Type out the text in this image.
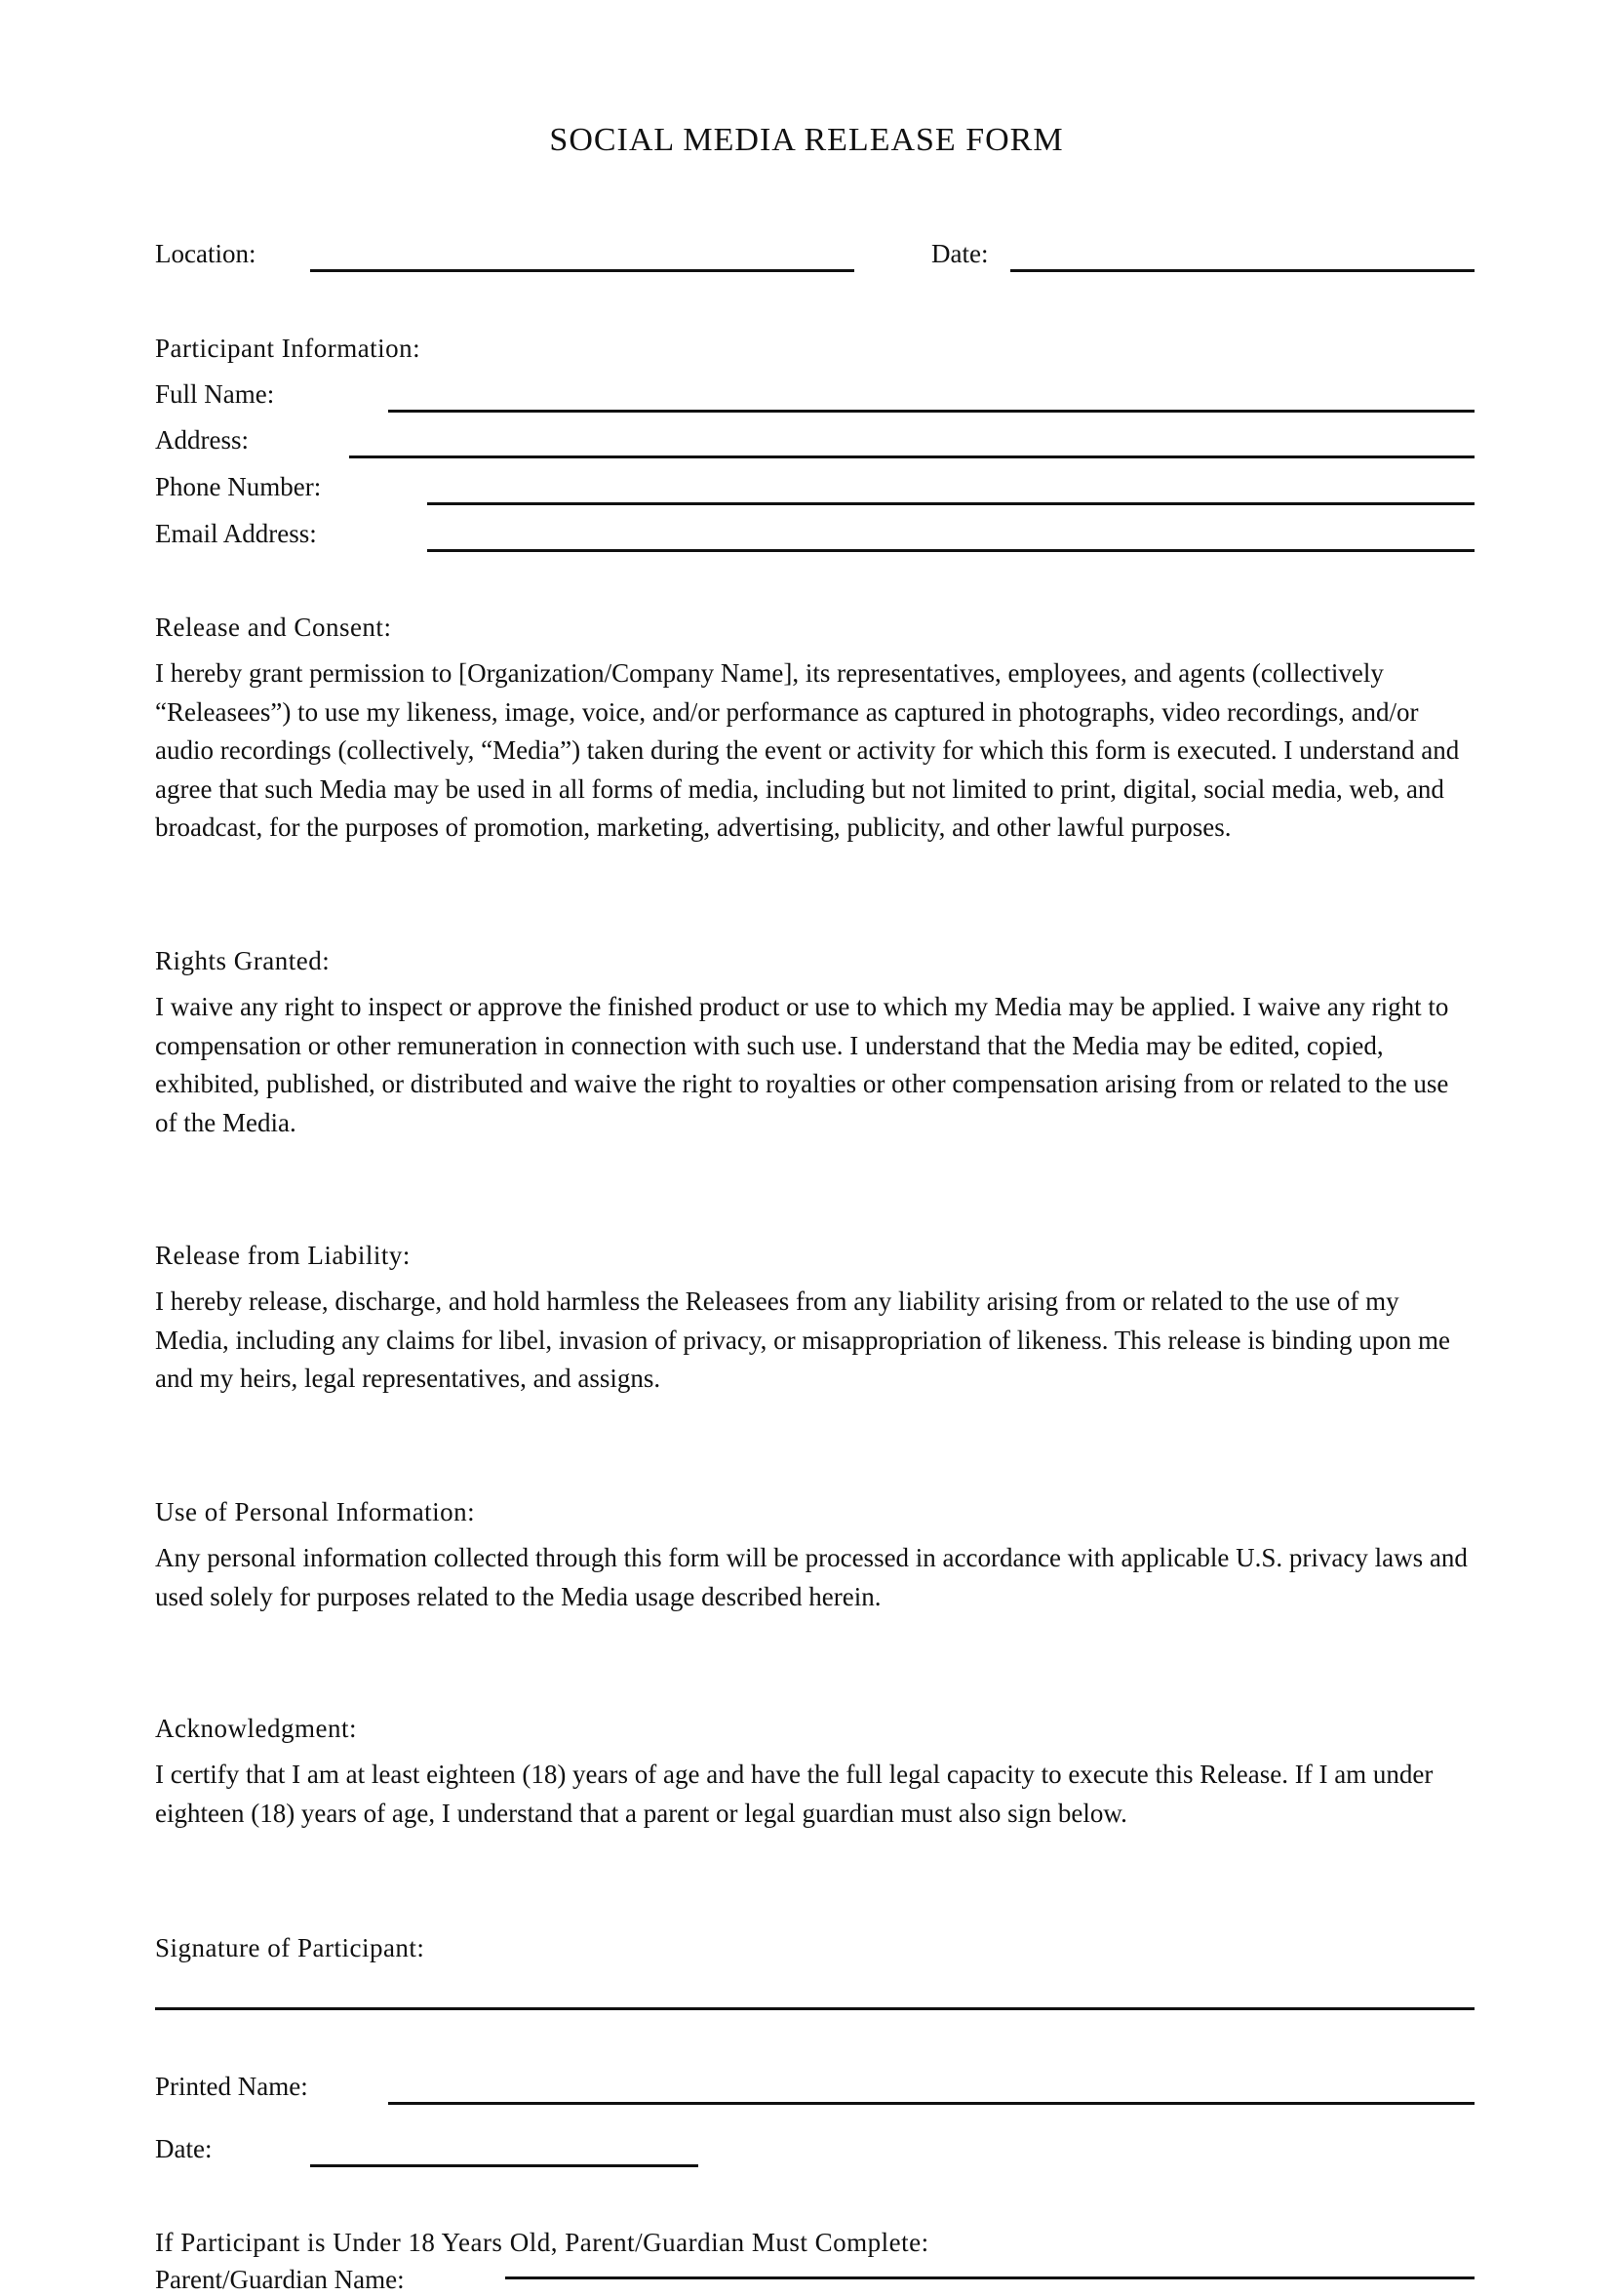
SOCIAL MEDIA RELEASE FORM
Location:	Date:
Participant Information:
Full Name:
Address:
Phone Number:
Email Address:
Release and Consent:
I hereby grant permission to [Organization/Company Name], its representatives, employees, and agents (collectively “Releasees”) to use my likeness, image, voice, and/or performance as captured in photographs, video recordings, and/or audio recordings (collectively, “Media”) taken during the event or activity for which this form is executed. I understand and agree that such Media may be used in all forms of media, including but not limited to print, digital, social media, web, and broadcast, for the purposes of promotion, marketing, advertising, publicity, and other lawful purposes.
Rights Granted:
I waive any right to inspect or approve the finished product or use to which my Media may be applied. I waive any right to compensation or other remuneration in connection with such use. I understand that the Media may be edited, copied, exhibited, published, or distributed and waive the right to royalties or other compensation arising from or related to the use of the Media.
Release from Liability:
I hereby release, discharge, and hold harmless the Releasees from any liability arising from or related to the use of my Media, including any claims for libel, invasion of privacy, or misappropriation of likeness. This release is binding upon me and my heirs, legal representatives, and assigns.
Use of Personal Information:
Any personal information collected through this form will be processed in accordance with applicable U.S. privacy laws and used solely for purposes related to the Media usage described herein.
Acknowledgment:
I certify that I am at least eighteen (18) years of age and have the full legal capacity to execute this Release. If I am under eighteen (18) years of age, I understand that a parent or legal guardian must also sign below.
Signature of Participant:
Printed Name:
Date:
If Participant is Under 18 Years Old, Parent/Guardian Must Complete:
Parent/Guardian Name:
